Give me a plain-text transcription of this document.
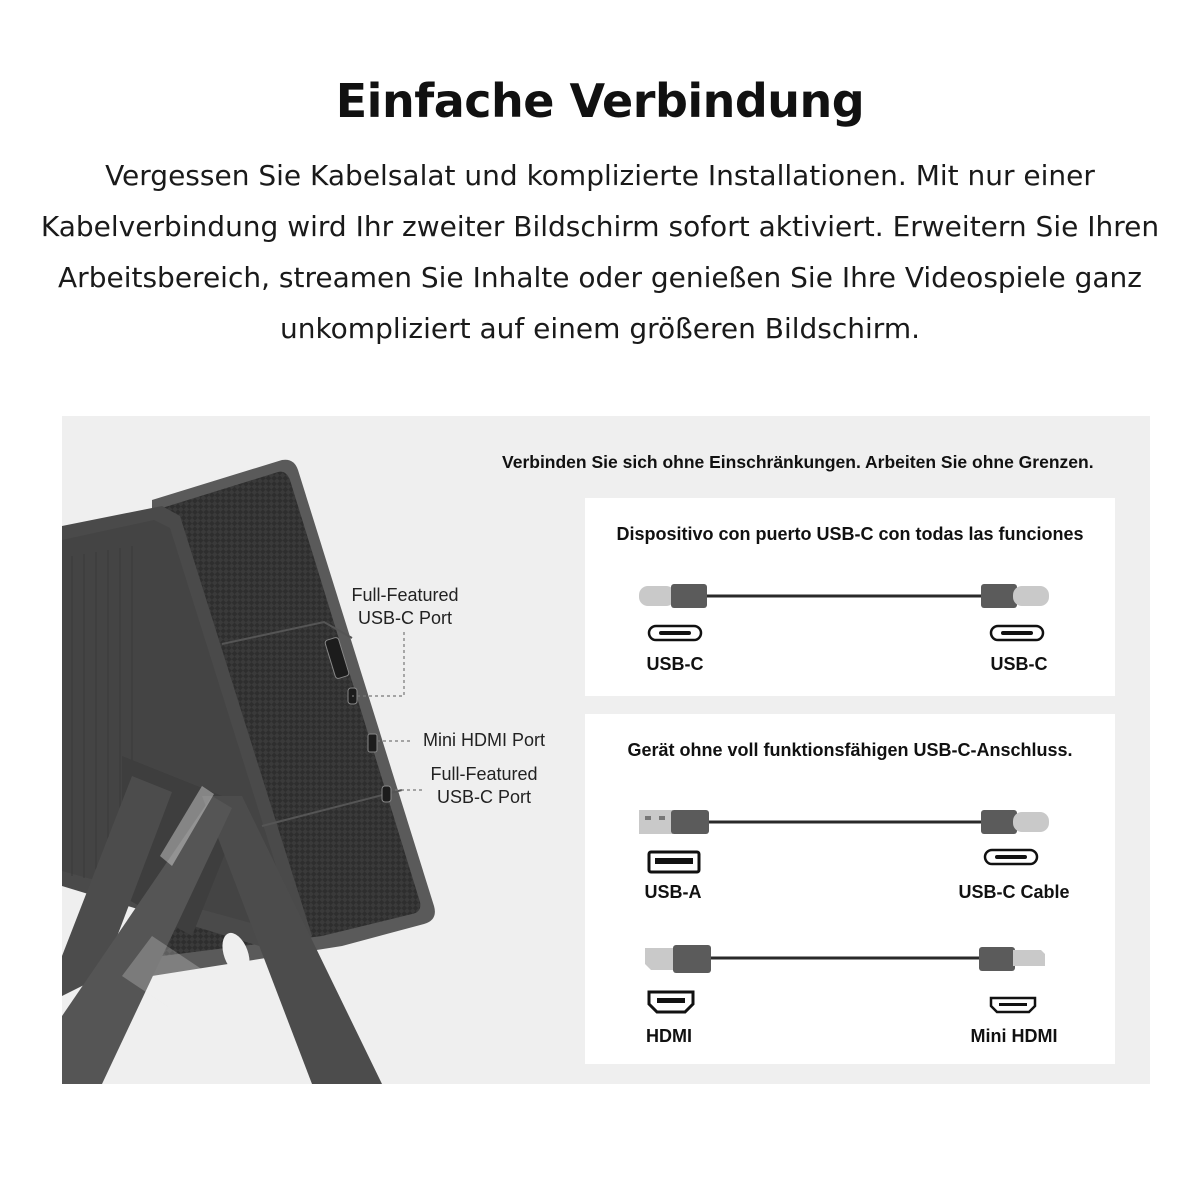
Einfache Verbindung
Vergessen Sie Kabelsalat und komplizierte Installationen. Mit nur einer Kabelverbindung wird Ihr zweiter Bildschirm sofort aktiviert. Erweitern Sie Ihren Arbeitsbereich, streamen Sie Inhalte oder genießen Sie Ihre Videospiele ganz unkompliziert auf einem größeren Bildschirm.
Full-Featured
USB-C Port
Mini HDMI Port
Full-Featured
USB-C Port
Verbinden Sie sich ohne Einschränkungen. Arbeiten Sie ohne Grenzen.
Dispositivo con puerto USB-C con todas las funciones
USB-C	USB-C
Gerät ohne voll funktionsfähigen USB-C-Anschluss.
USB-A	USB-C Cable
HDMI	Mini HDMI
